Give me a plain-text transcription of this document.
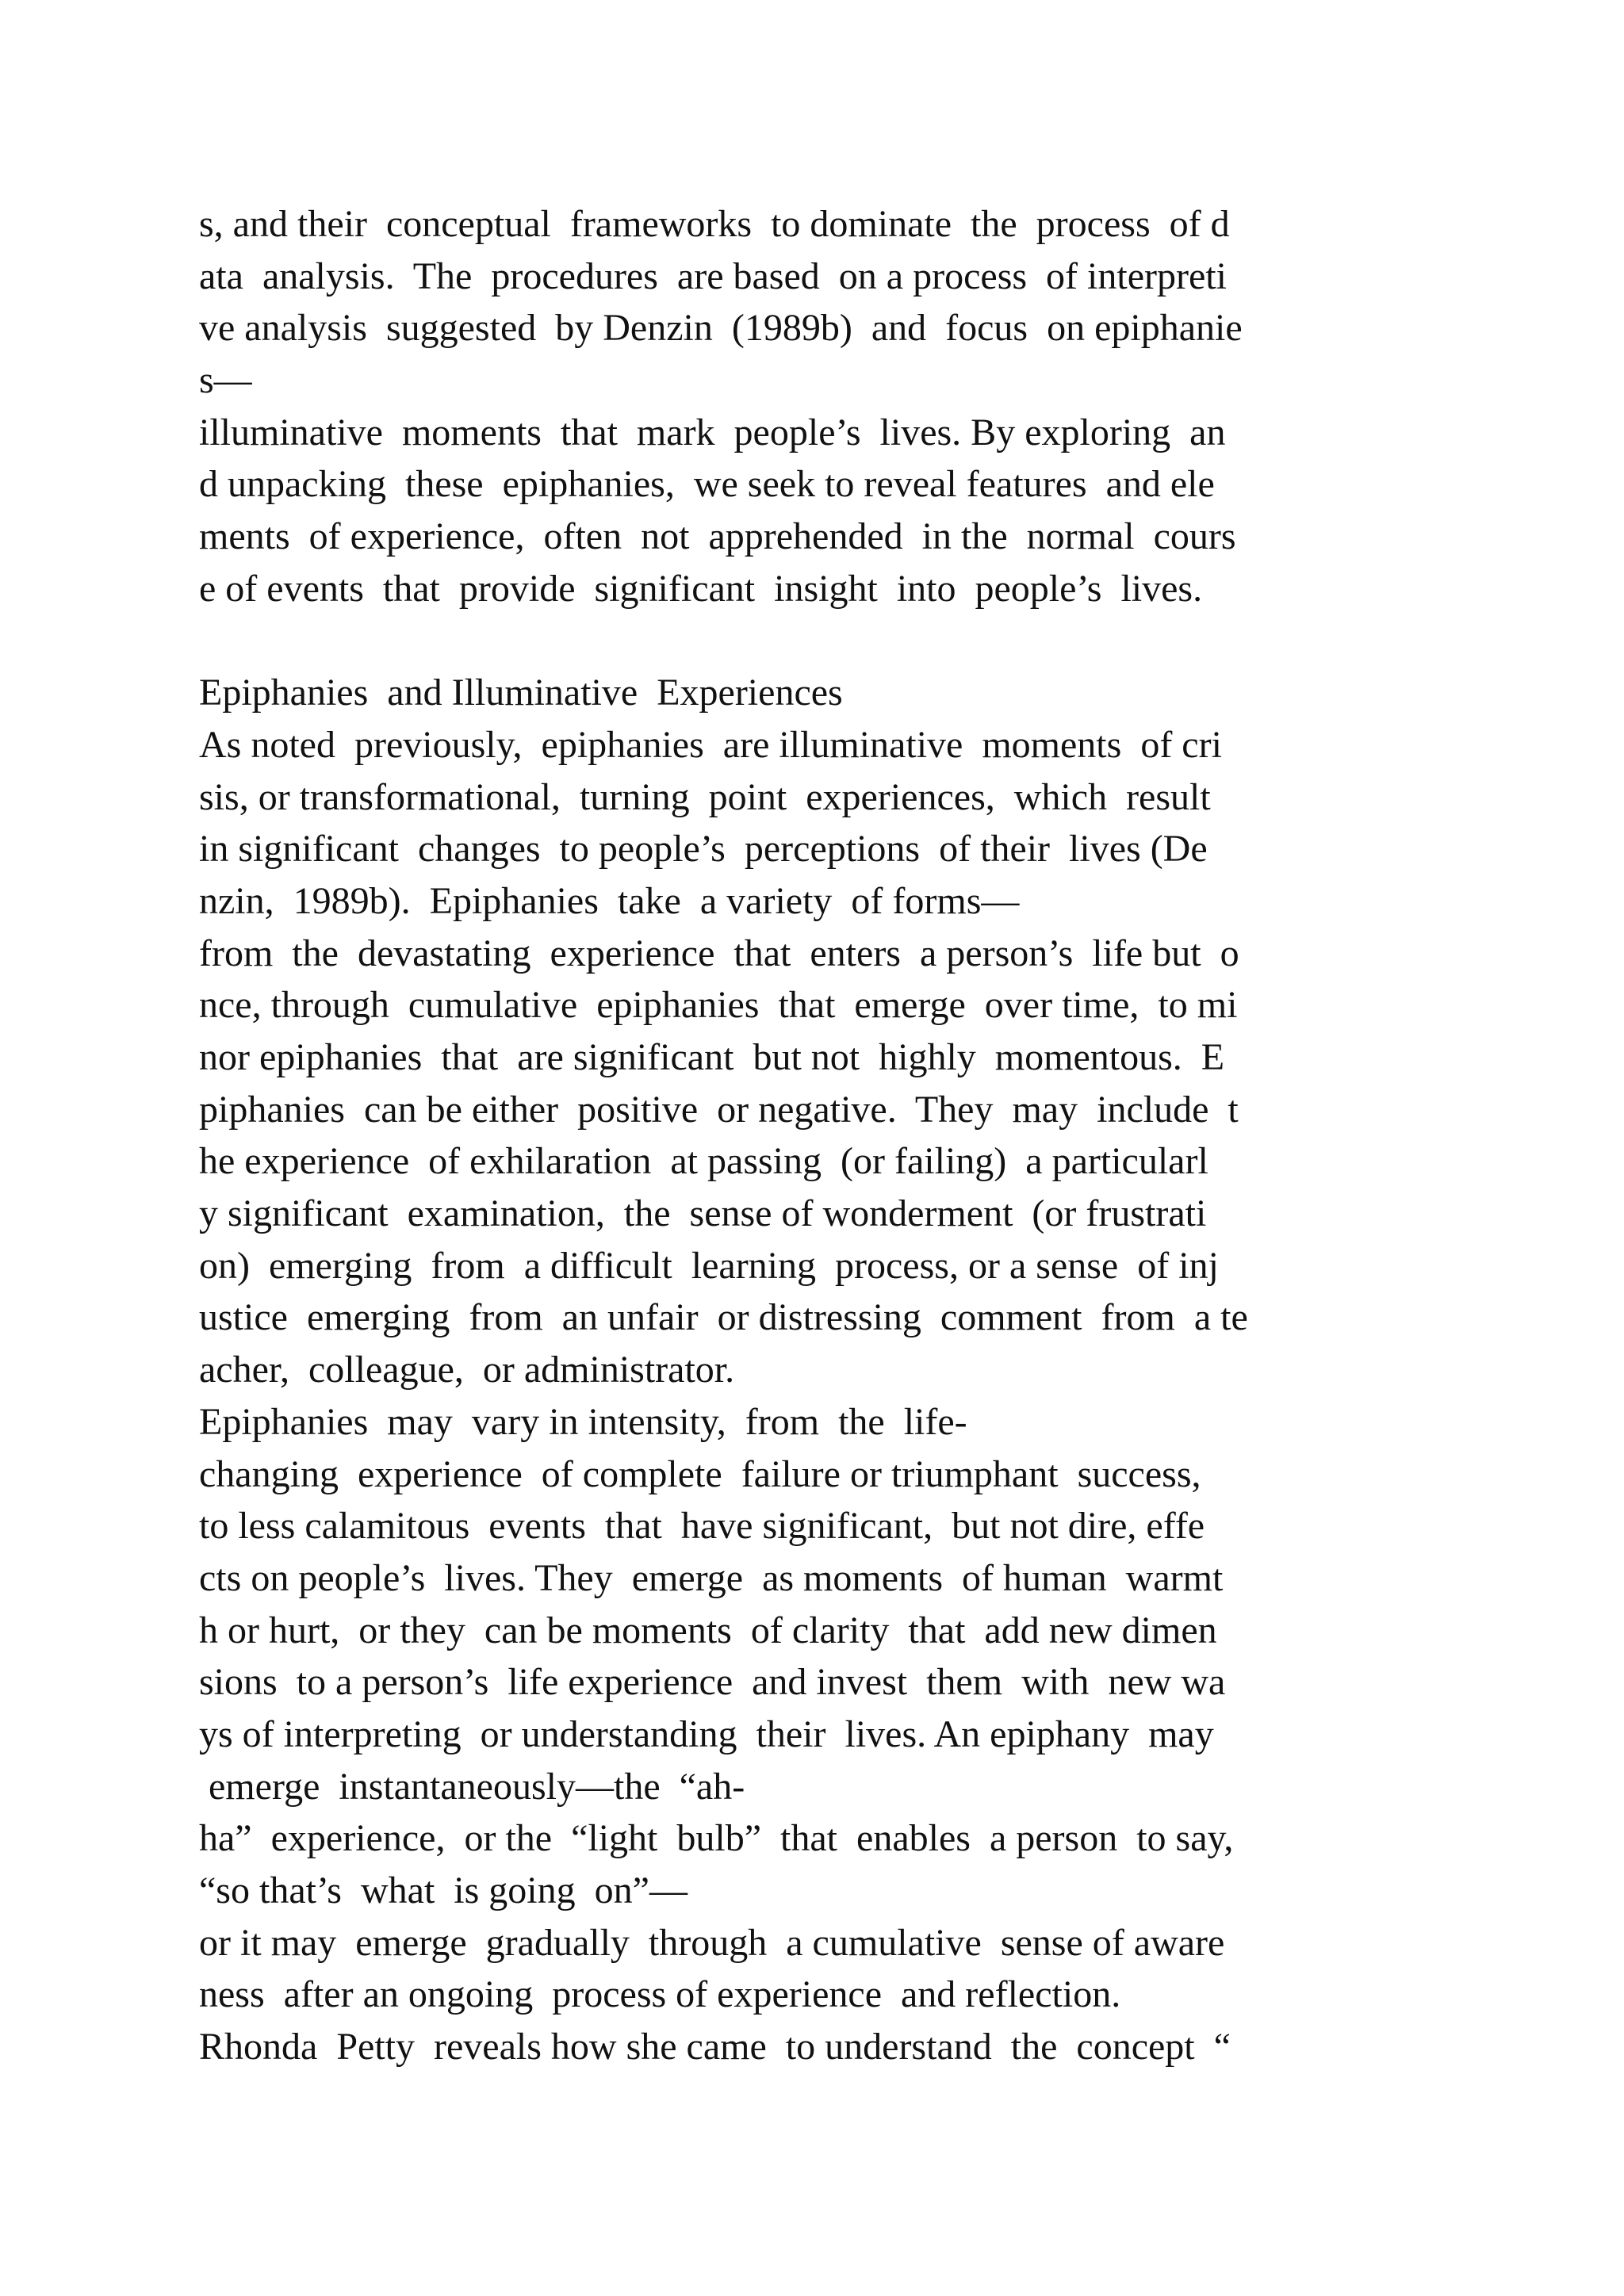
s, and their  conceptual  frameworks  to dominate  the  process  of d
ata  analysis.  The  procedures  are based  on a process  of interpreti
ve analysis  suggested  by Denzin  (1989b)  and  focus  on epiphanie
s—
illuminative  moments  that  mark  people’s  lives. By exploring  an
d unpacking  these  epiphanies,  we seek to reveal features  and ele
ments  of experience,  often  not  apprehended  in the  normal  cours
e of events  that  provide  significant  insight  into  people’s  lives.
Epiphanies  and Illuminative  Experiences
As noted  previously,  epiphanies  are illuminative  moments  of cri
sis, or transformational,  turning  point  experiences,  which  result
in significant  changes  to people’s  perceptions  of their  lives (De
nzin,  1989b).  Epiphanies  take  a variety  of forms—
from  the  devastating  experience  that  enters  a person’s  life but  o
nce, through  cumulative  epiphanies  that  emerge  over time,  to mi
nor epiphanies  that  are significant  but not  highly  momentous.  E
piphanies  can be either  positive  or negative.  They  may  include  t
he experience  of exhilaration  at passing  (or failing)  a particularl
y significant  examination,  the  sense of wonderment  (or frustrati
on)  emerging  from  a difficult  learning  process, or a sense  of inj
ustice  emerging  from  an unfair  or distressing  comment  from  a te
acher,  colleague,  or administrator.
Epiphanies  may  vary in intensity,  from  the  life-
changing  experience  of complete  failure or triumphant  success,
to less calamitous  events  that  have significant,  but not dire, effe
cts on people’s  lives. They  emerge  as moments  of human  warmt
h or hurt,  or they  can be moments  of clarity  that  add new dimen
sions  to a person’s  life experience  and invest  them  with  new wa
ys of interpreting  or understanding  their  lives. An epiphany  may
emerge  instantaneously—the  “ah-
ha”  experience,  or the  “light  bulb”  that  enables  a person  to say,
“so that’s  what  is going  on”—
or it may  emerge  gradually  through  a cumulative  sense of aware
ness  after an ongoing  process of experience  and reflection.
Rhonda  Petty  reveals how she came  to understand  the  concept  “
